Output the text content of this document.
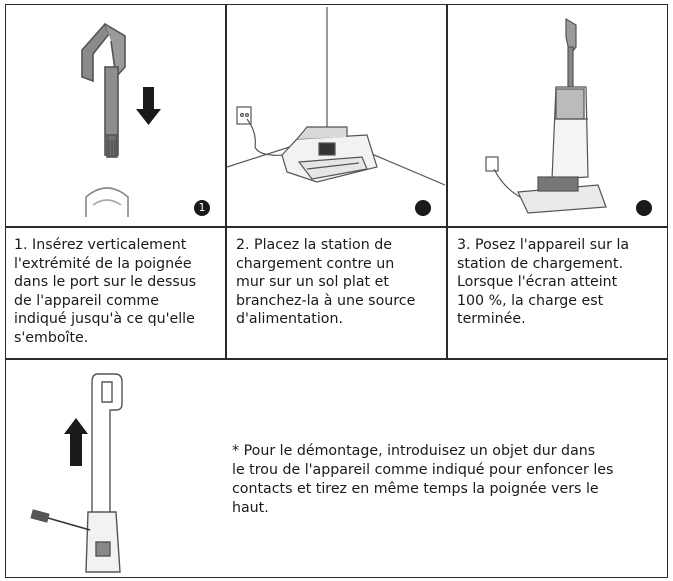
1
1. Insérez verticalement
l'extrémité de la poignée
dans le port sur le dessus
de l'appareil comme
indiqué jusqu'à ce qu'elle
s'emboîte.
2. Placez la station de
chargement contre un
mur sur un sol plat et
branchez-la à une source
d'alimentation.
3. Posez l'appareil sur la
station de chargement.
Lorsque l'écran atteint
100 %, la charge est
terminée.
* Pour le démontage, introduisez un objet dur dans
le trou de l'appareil comme indiqué pour enfoncer les
contacts et tirez en même temps la poignée vers le
haut.
